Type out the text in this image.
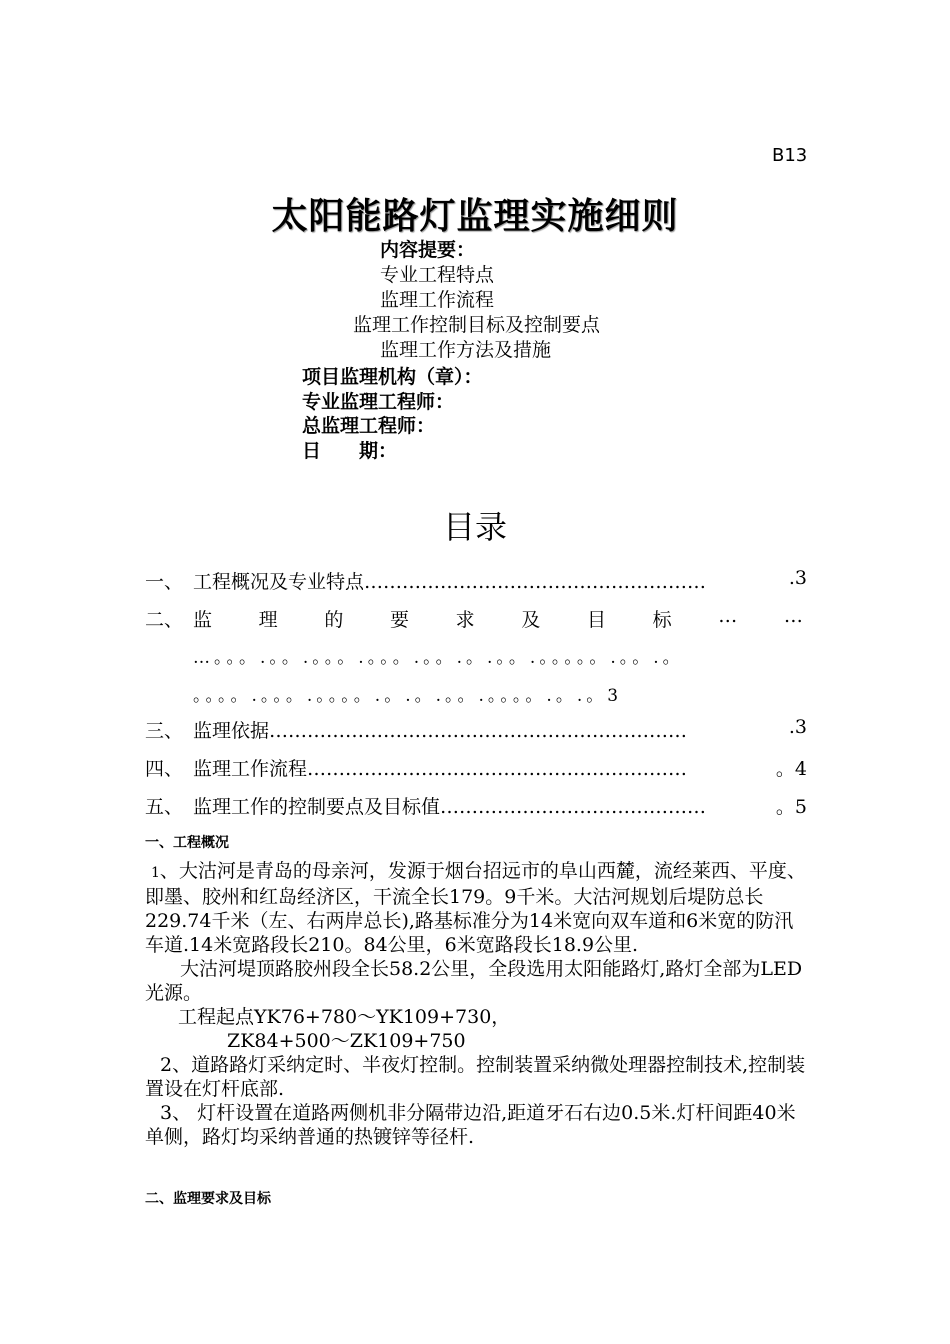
B13
太阳能路灯监理实施细则
内容提要：
专业工程特点
监理工作流程
监理工作控制目标及控制要点
监理工作方法及措施
项目监理机构（章）：
专业监理工程师：
总监理工程师：
日　　期：
目录
一、 工程概况及专业特点………………………………………………	.3
二、 监 理 的 要 求 及 目 标 … …
…。。。.。。.。。。.。。。.。。.。.。。.。。。。。.。。.。
。。。。.。。。.。。。。.。.。.。。.。。。。.。.。3
三、 监理依据…………………………………………………………	.3
四、 监理工作流程……………………………………………………	。4
五、 监理工作的控制要点及目标值……………………………………	。5
一、工程概况

1、大沽河是青岛的母亲河，发源于烟台招远市的阜山西麓，流经莱西、平度、即墨、胶州和红岛经济区，干流全长179。9千米。大沽河规划后堤防总长229.74千米（左、右两岸总长),路基标准分为14米宽向双车道和6米宽的防汛车道.14米宽路段长210。84公里，6米宽路段长18.9公里.

大沽河堤顶路胶州段全长58.2公里，全段选用太阳能路灯,路灯全部为LED光源。

工程起点YK76+780～YK109+730，

ZK84+500～ZK109+750

2、道路路灯采纳定时、半夜灯控制。控制装置采纳微处理器控制技术,控制装置设在灯杆底部.

3、 灯杆设置在道路两侧机非分隔带边沿,距道牙石右边0.5米.灯杆间距40米单侧，路灯均采纳普通的热镀锌等径杆.

二、监理要求及目标
